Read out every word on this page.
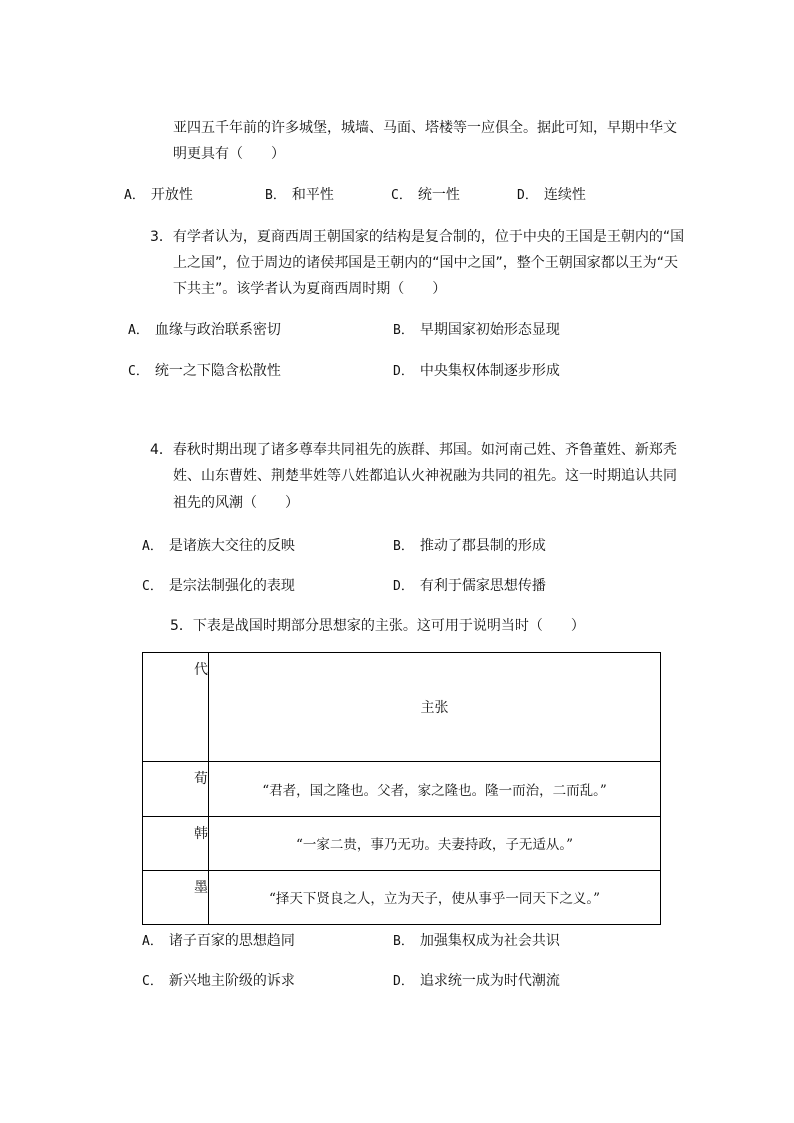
亚四五千年前的许多城堡，城墙、马面、塔楼等一应俱全。据此可知，早期中华文
明更具有（　　）
A． 开放性	B． 和平性	C． 统一性	D． 连续性
3．有学者认为，夏商西周王朝国家的结构是复合制的，位于中央的王国是王朝内的“国
上之国”，位于周边的诸侯邦国是王朝内的“国中之国”，整个王朝国家都以王为“天
下共主”。该学者认为夏商西周时期（　　）
A． 血缘与政治联系密切	B． 早期国家初始形态显现
C． 统一之下隐含松散性	D． 中央集权体制逐步形成
4．春秋时期出现了诸多尊奉共同祖先的族群、邦国。如河南己姓、齐鲁董姓、新郑秃
姓、山东曹姓、荆楚芈姓等八姓都追认火神祝融为共同的祖先。这一时期追认共同
祖先的风潮（　　）
A． 是诸族大交往的反映	B． 推动了郡县制的形成
C． 是宗法制强化的表现	D． 有利于儒家思想传播
5．下表是战国时期部分思想家的主张。这可用于说明当时（　　）
代	主张
荀	“君者，国之隆也。父者，家之隆也。隆一而治，二而乱。”
韩	“一家二贵，事乃无功。夫妻持政，子无适从。”
墨	“择天下贤良之人，立为天子，使从事乎一同天下之义。”
A． 诸子百家的思想趋同	B． 加强集权成为社会共识
C． 新兴地主阶级的诉求	D． 追求统一成为时代潮流
